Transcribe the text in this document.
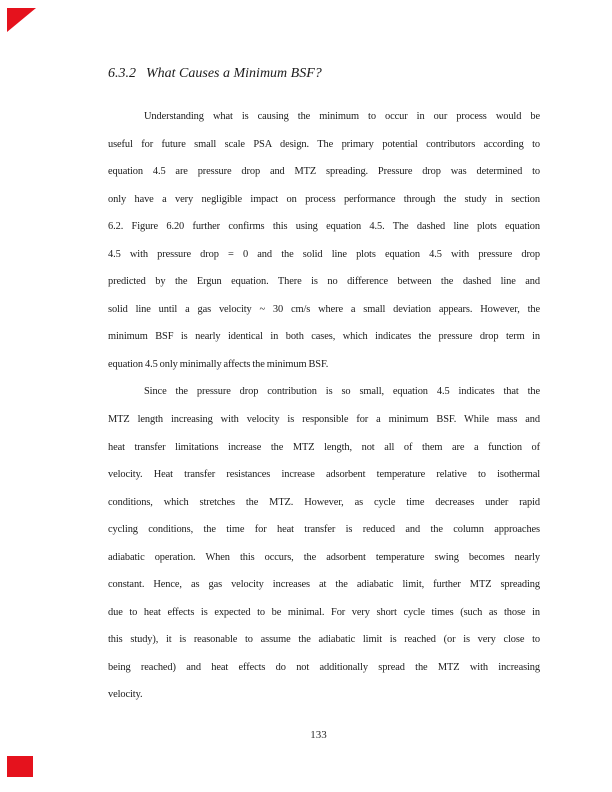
6.3.2 What Causes a Minimum BSF?
Understanding what is causing the minimum to occur in our process would be
useful for future small scale PSA design. The primary potential contributors according to
equation 4.5 are pressure drop and MTZ spreading. Pressure drop was determined to
only have a very negligible impact on process performance through the study in section
6.2. Figure 6.20 further confirms this using equation 4.5. The dashed line plots equation
4.5 with pressure drop = 0 and the solid line plots equation 4.5 with pressure drop
predicted by the Ergun equation. There is no difference between the dashed line and
solid line until a gas velocity ~ 30 cm/s where a small deviation appears. However, the
minimum BSF is nearly identical in both cases, which indicates the pressure drop term in
equation 4.5 only minimally affects the minimum BSF.
Since the pressure drop contribution is so small, equation 4.5 indicates that the
MTZ length increasing with velocity is responsible for a minimum BSF. While mass and
heat transfer limitations increase the MTZ length, not all of them are a function of
velocity. Heat transfer resistances increase adsorbent temperature relative to isothermal
conditions, which stretches the MTZ. However, as cycle time decreases under rapid
cycling conditions, the time for heat transfer is reduced and the column approaches
adiabatic operation. When this occurs, the adsorbent temperature swing becomes nearly
constant. Hence, as gas velocity increases at the adiabatic limit, further MTZ spreading
due to heat effects is expected to be minimal. For very short cycle times (such as those in
this study), it is reasonable to assume the adiabatic limit is reached (or is very close to
being reached) and heat effects do not additionally spread the MTZ with increasing
velocity.
133
